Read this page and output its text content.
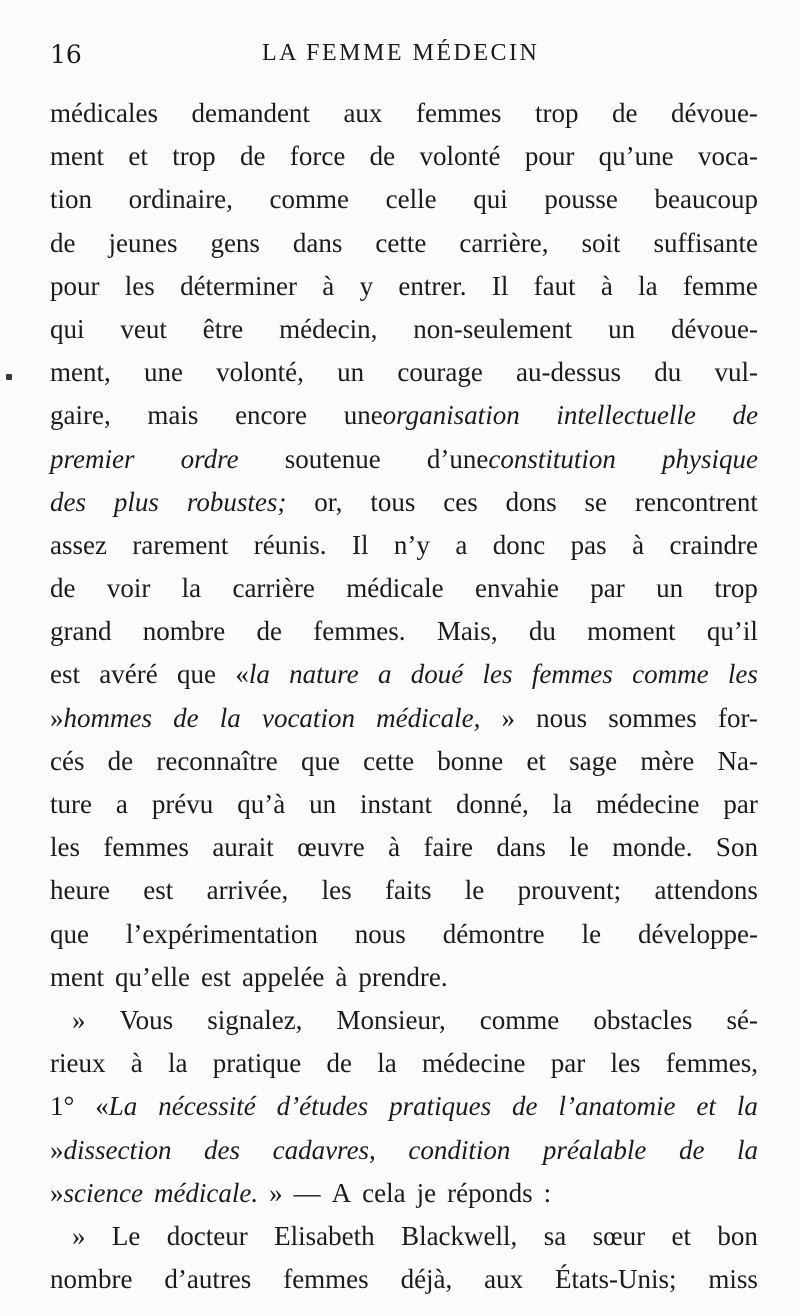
16	LA FEMME MÉDECIN
médicales demandent aux femmes trop de dévoue-
ment et trop de force de volonté pour qu’une voca-
tion ordinaire, comme celle qui pousse beaucoup
de jeunes gens dans cette carrière, soit suffisante
pour les déterminer à y entrer. Il faut à la femme
qui veut être médecin, non-seulement un dévoue-
ment, une volonté, un courage au-dessus du vul-
gaire, mais encore uneorganisation intellectuelle de
premier ordre soutenue d’uneconstitution physique
des plus robustes; or, tous ces dons se rencontrent
assez rarement réunis. Il n’y a donc pas à craindre
de voir la carrière médicale envahie par un trop
grand nombre de femmes. Mais, du moment qu’il
est avéré que «la nature a doué les femmes comme les
»hommes de la vocation médicale, » nous sommes for-
cés de reconnaître que cette bonne et sage mère Na-
ture a prévu qu’à un instant donné, la médecine par
les femmes aurait œuvre à faire dans le monde. Son
heure est arrivée, les faits le prouvent; attendons
que l’expérimentation nous démontre le développe-
ment qu’elle est appelée à prendre.
» Vous signalez, Monsieur, comme obstacles sé-
rieux à la pratique de la médecine par les femmes,
1° «La nécessité d’études pratiques de l’anatomie et la
»dissection des cadavres, condition préalable de la
»science médicale. » — A cela je réponds :
» Le docteur Elisabeth Blackwell, sa sœur et bon
nombre d’autres femmes déjà, aux États-Unis; miss
